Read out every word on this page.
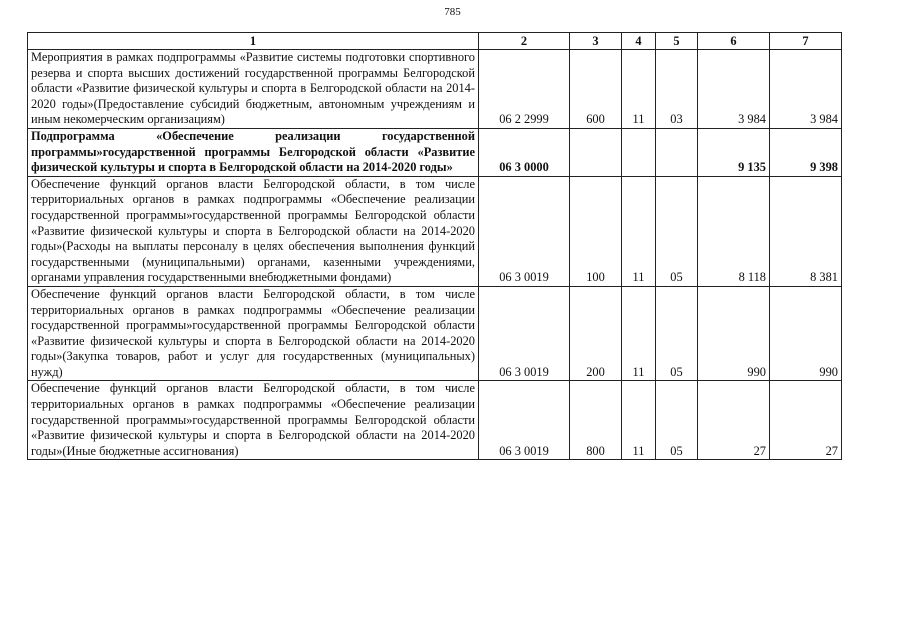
785
1	2	3	4	5	6	7
Мероприятия в рамках подпрограммы «Развитие системы подготовки спортивного резерва и спорта высших достижений государственной программы Белгородской области «Развитие физической культуры и спорта в Белгородской области на 2014-2020 годы»(Предоставление субсидий бюджетным, автономным учреждениям и иным некомерческим организациям)	06 2 2999	600	11	03	3 984	3 984
Подпрограмма «Обеспечение реализации государственной программы»государственной программы Белгородской области «Развитие физической культуры и спорта в Белгородской области на 2014-2020 годы»	06 3 0000				9 135	9 398
Обеспечение функций органов власти Белгородской области, в том числе территориальных органов в рамках подпрограммы «Обеспечение реализации государственной программы»государственной программы Белгородской области «Развитие физической культуры и спорта в Белгородской области на 2014-2020 годы»(Расходы на выплаты персоналу в целях обеспечения выполнения функций государственными (муниципальными) органами, казенными учреждениями, органами управления государственными внебюджетными фондами)	06 3 0019	100	11	05	8 118	8 381
Обеспечение функций органов власти Белгородской области, в том числе территориальных органов в рамках подпрограммы «Обеспечение реализации государственной программы»государственной программы Белгородской области «Развитие физической культуры и спорта в Белгородской области на 2014-2020 годы»(Закупка товаров, работ и услуг для государственных (муниципальных) нужд)	06 3 0019	200	11	05	990	990
Обеспечение функций органов власти Белгородской области, в том числе территориальных органов в рамках подпрограммы «Обеспечение реализации государственной программы»государственной программы Белгородской области «Развитие физической культуры и спорта в Белгородской области на 2014-2020 годы»(Иные бюджетные ассигнования)	06 3 0019	800	11	05	27	27
